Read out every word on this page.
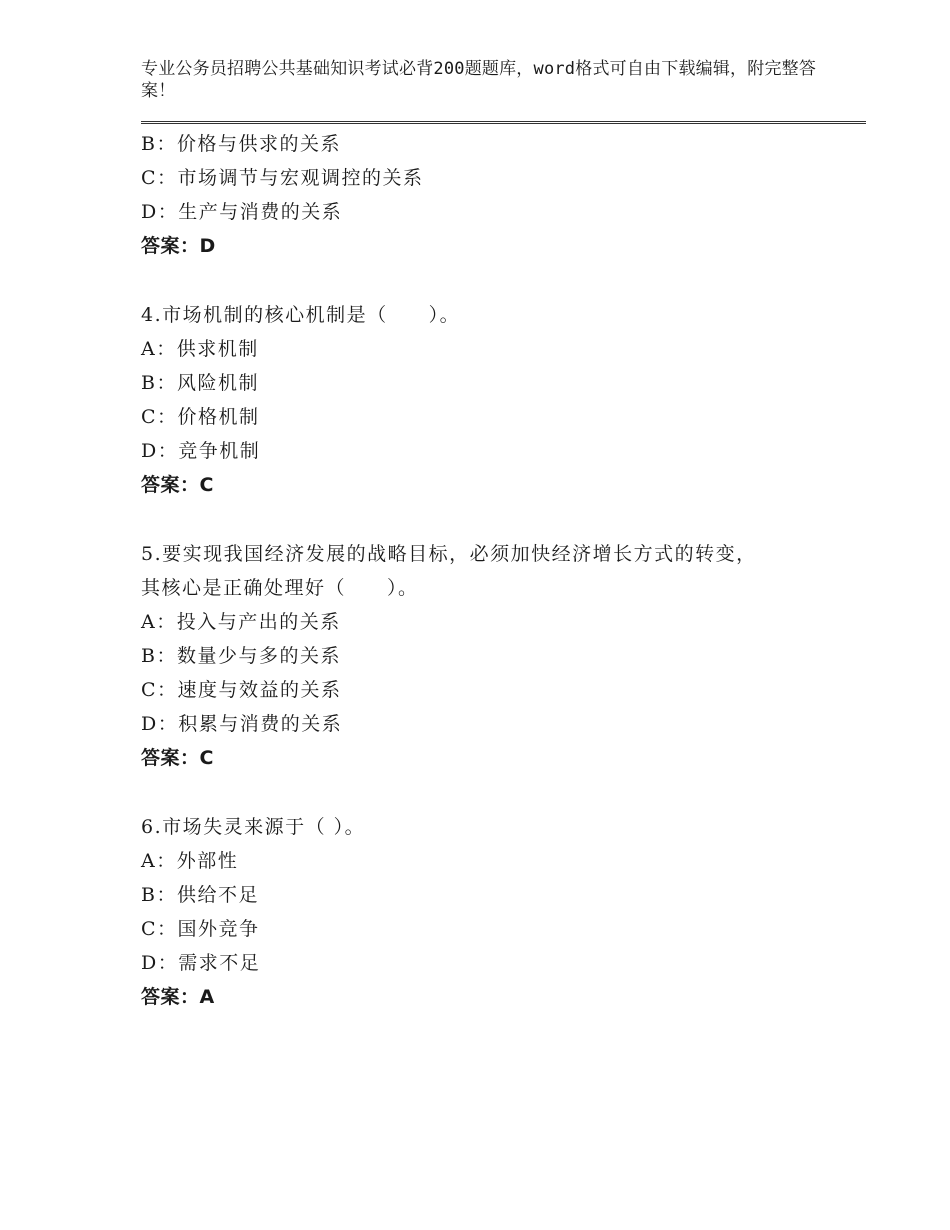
专业公务员招聘公共基础知识考试必背200题题库，word格式可自由下载编辑，附完整答案！
B：价格与供求的关系
C：市场调节与宏观调控的关系
D：生产与消费的关系
答案：D
4.市场机制的核心机制是（　　）。
A：供求机制
B：风险机制
C：价格机制
D：竞争机制
答案：C
5.要实现我国经济发展的战略目标，必须加快经济增长方式的转变，
其核心是正确处理好（　　）。
A：投入与产出的关系
B：数量少与多的关系
C：速度与效益的关系
D：积累与消费的关系
答案：C
6.市场失灵来源于（ ）。
A：外部性
B：供给不足
C：国外竞争
D：需求不足
答案：A
